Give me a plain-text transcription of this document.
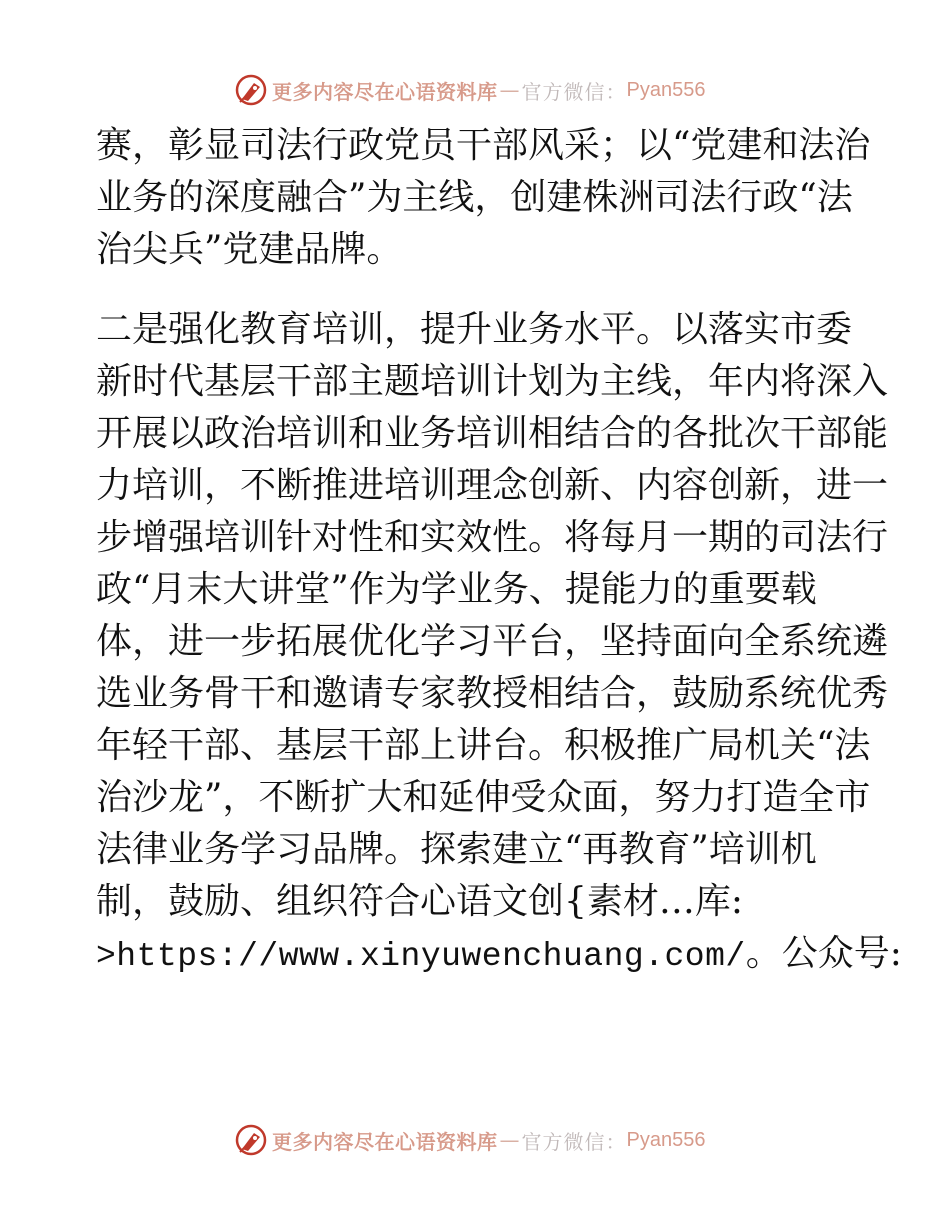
更多内容尽在心语资料库 — 官方微信： Pyan556
赛，彰显司法行政党员干部风采；以“党建和法治
业务的深度融合”为主线，创建株洲司法行政“法
治尖兵”党建品牌。
二是强化教育培训，提升业务水平。以落实市委
新时代基层干部主题培训计划为主线，年内将深入
开展以政治培训和业务培训相结合的各批次干部能
力培训，不断推进培训理念创新、内容创新，进一
步增强培训针对性和实效性。将每月一期的司法行
政“月末大讲堂”作为学业务、提能力的重要载
体，进一步拓展优化学习平台，坚持面向全系统遴
选业务骨干和邀请专家教授相结合，鼓励系统优秀
年轻干部、基层干部上讲台。积极推广局机关“法
治沙龙”，不断扩大和延伸受众面，努力打造全市
法律业务学习品牌。探索建立“再教育”培训机
制，鼓励、组织符合心语文创{素材…库:
>https://www.xinyuwenchuang.com/。公众号:
更多内容尽在心语资料库 — 官方微信： Pyan556
